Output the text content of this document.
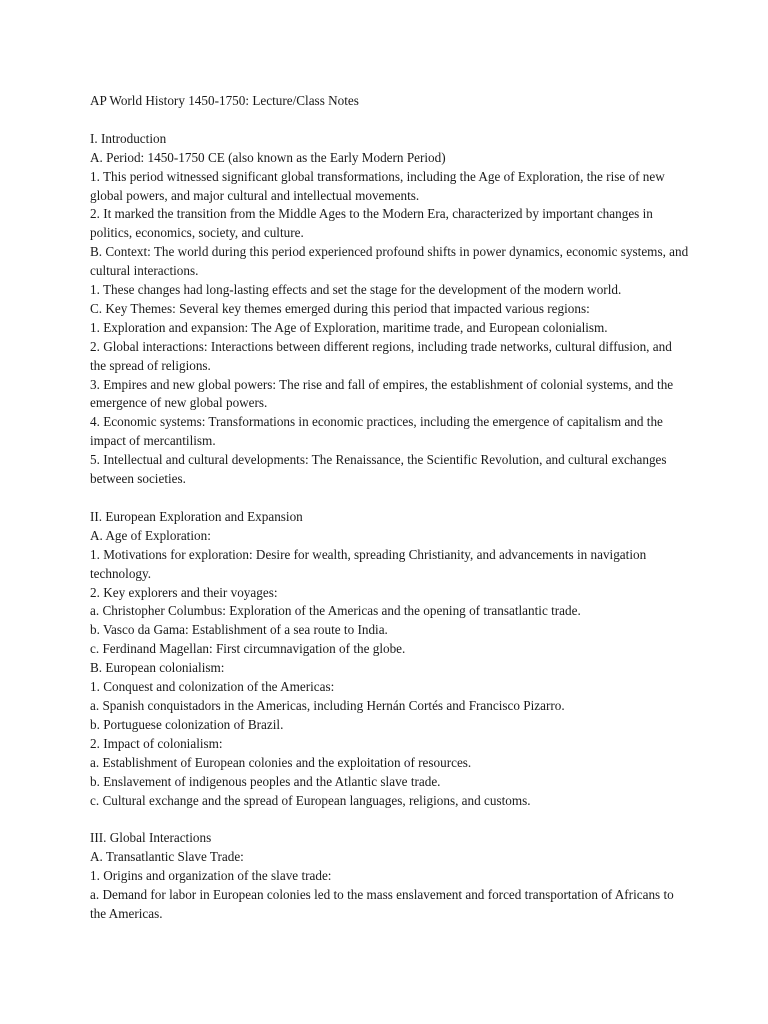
AP World History 1450-1750: Lecture/Class Notes

I. Introduction

A. Period: 1450-1750 CE (also known as the Early Modern Period)

1. This period witnessed significant global transformations, including the Age of Exploration, the rise of new global powers, and major cultural and intellectual movements.

2. It marked the transition from the Middle Ages to the Modern Era, characterized by important changes in politics, economics, society, and culture.

B. Context: The world during this period experienced profound shifts in power dynamics, economic systems, and cultural interactions.

1. These changes had long-lasting effects and set the stage for the development of the modern world.

C. Key Themes: Several key themes emerged during this period that impacted various regions:

1. Exploration and expansion: The Age of Exploration, maritime trade, and European colonialism.

2. Global interactions: Interactions between different regions, including trade networks, cultural diffusion, and the spread of religions.

3. Empires and new global powers: The rise and fall of empires, the establishment of colonial systems, and the emergence of new global powers.

4. Economic systems: Transformations in economic practices, including the emergence of capitalism and the impact of mercantilism.

5. Intellectual and cultural developments: The Renaissance, the Scientific Revolution, and cultural exchanges between societies.

II. European Exploration and Expansion

A. Age of Exploration:

1. Motivations for exploration: Desire for wealth, spreading Christianity, and advancements in navigation technology.

2. Key explorers and their voyages:

a. Christopher Columbus: Exploration of the Americas and the opening of transatlantic trade.

b. Vasco da Gama: Establishment of a sea route to India.

c. Ferdinand Magellan: First circumnavigation of the globe.

B. European colonialism:

1. Conquest and colonization of the Americas:

a. Spanish conquistadors in the Americas, including Hernán Cortés and Francisco Pizarro.

b. Portuguese colonization of Brazil.

2. Impact of colonialism:

a. Establishment of European colonies and the exploitation of resources.

b. Enslavement of indigenous peoples and the Atlantic slave trade.

c. Cultural exchange and the spread of European languages, religions, and customs.

III. Global Interactions

A. Transatlantic Slave Trade:

1. Origins and organization of the slave trade:

a. Demand for labor in European colonies led to the mass enslavement and forced transportation of Africans to the Americas.
